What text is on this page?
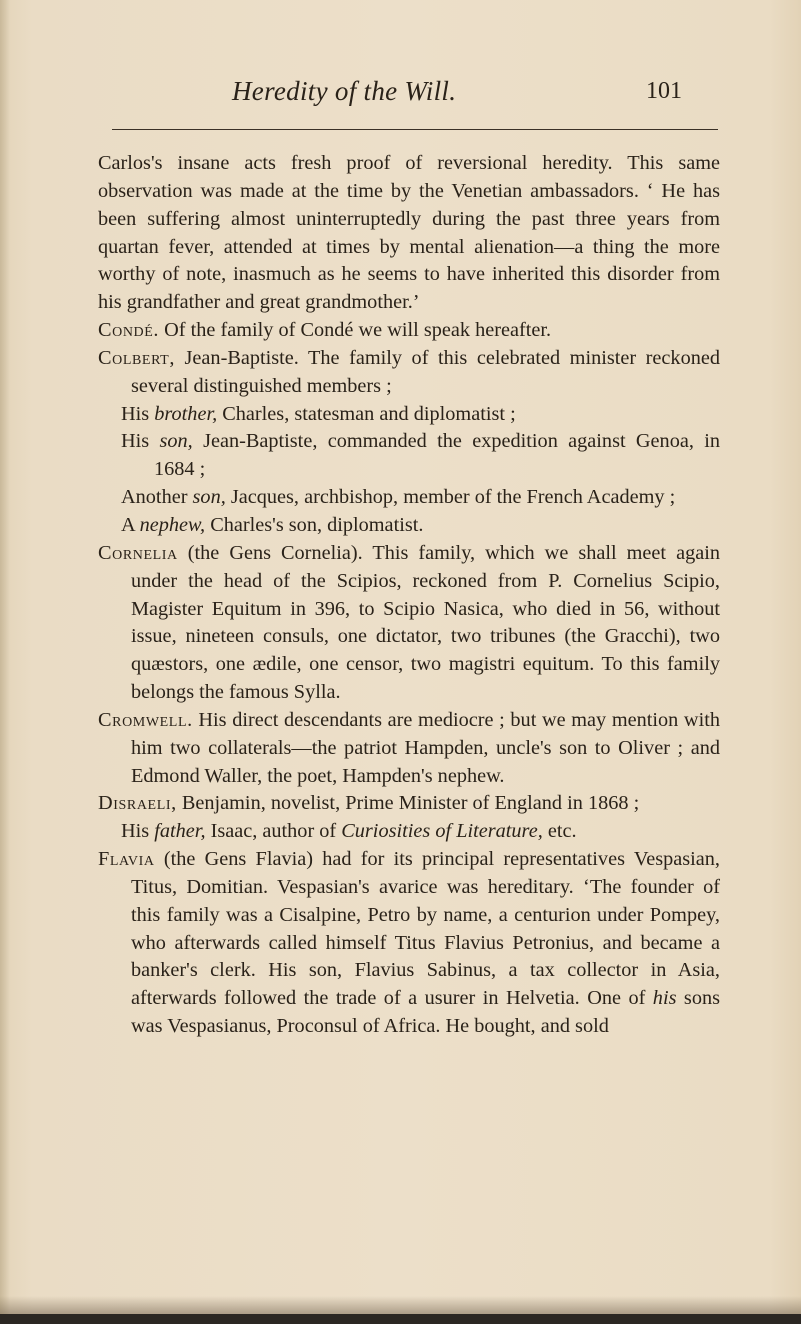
Heredity of the Will.	101

Carlos's insane acts fresh proof of reversional heredity. This same observation was made at the time by the Venetian ambassadors. ‘ He has been suffering almost uninterruptedly during the past three years from quartan fever, attended at times by mental alienation—a thing the more worthy of note, inasmuch as he seems to have inherited this disorder from his grandfather and great grandmother.’

Condé. Of the family of Condé we will speak hereafter.

Colbert, Jean-Baptiste. The family of this celebrated minister reckoned several distinguished members ;

His brother, Charles, statesman and diplomatist ;

His son, Jean-Baptiste, commanded the expedition against Genoa, in 1684 ;

Another son, Jacques, archbishop, member of the French Academy ;

A nephew, Charles's son, diplomatist.

Cornelia (the Gens Cornelia). This family, which we shall meet again under the head of the Scipios, reckoned from P. Cornelius Scipio, Magister Equitum in 396, to Scipio Nasica, who died in 56, without issue, nineteen consuls, one dictator, two tribunes (the Gracchi), two quæstors, one ædile, one censor, two magistri equitum. To this family belongs the famous Sylla.

Cromwell. His direct descendants are mediocre ; but we may mention with him two collaterals—the patriot Hampden, uncle's son to Oliver ; and Edmond Waller, the poet, Hampden's nephew.

Disraeli, Benjamin, novelist, Prime Minister of England in 1868 ;

His father, Isaac, author of Curiosities of Literature, etc.

Flavia (the Gens Flavia) had for its principal representatives Vespasian, Titus, Domitian. Vespasian's avarice was hereditary. ‘The founder of this family was a Cisalpine, Petro by name, a centurion under Pompey, who afterwards called himself Titus Flavius Petronius, and became a banker's clerk. His son, Flavius Sabinus, a tax collector in Asia, afterwards followed the trade of a usurer in Helvetia. One of his sons was Vespasianus, Proconsul of Africa. He bought, and sold
